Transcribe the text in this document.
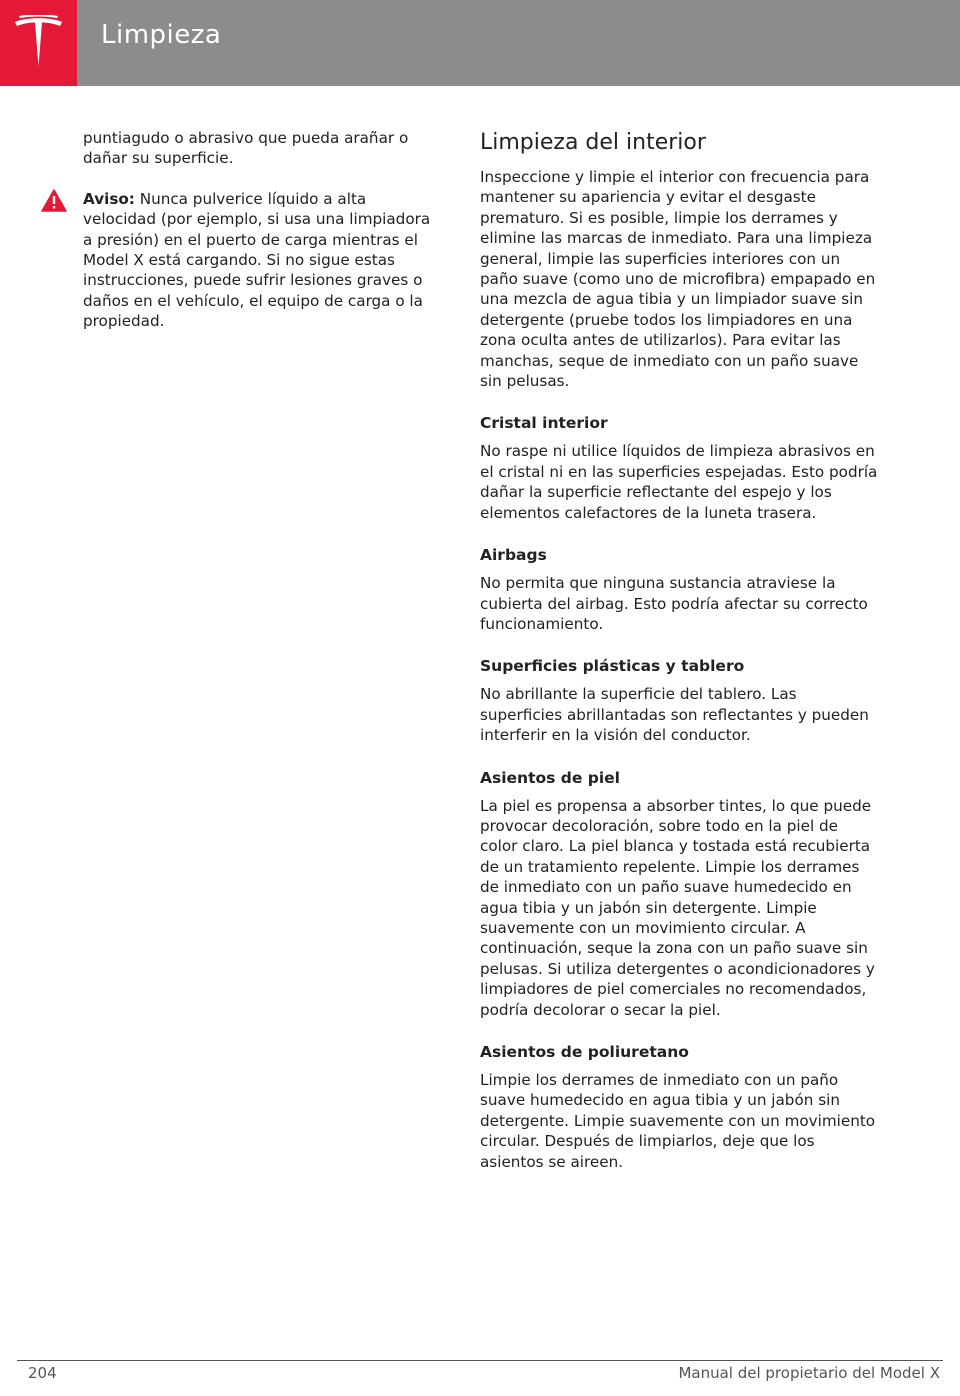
Limpieza

puntiagudo o abrasivo que pueda arañar o dañar su superficie.

Aviso: Nunca pulverice líquido a alta velocidad (por ejemplo, si usa una limpiadora a presión) en el puerto de carga mientras el Model X está cargando. Si no sigue estas instrucciones, puede sufrir lesiones graves o daños en el vehículo, el equipo de carga o la propiedad.

Limpieza del interior

Inspeccione y limpie el interior con frecuencia para mantener su apariencia y evitar el desgaste prematuro. Si es posible, limpie los derrames y elimine las marcas de inmediato. Para una limpieza general, limpie las superficies interiores con un paño suave (como uno de microfibra) empapado en una mezcla de agua tibia y un limpiador suave sin detergente (pruebe todos los limpiadores en una zona oculta antes de utilizarlos). Para evitar las manchas, seque de inmediato con un paño suave sin pelusas.

Cristal interior

No raspe ni utilice líquidos de limpieza abrasivos en el cristal ni en las superficies espejadas. Esto podría dañar la superficie reflectante del espejo y los elementos calefactores de la luneta trasera.

Airbags

No permita que ninguna sustancia atraviese la cubierta del airbag. Esto podría afectar su correcto funcionamiento.

Superficies plásticas y tablero

No abrillante la superficie del tablero. Las superficies abrillantadas son reflectantes y pueden interferir en la visión del conductor.

Asientos de piel

La piel es propensa a absorber tintes, lo que puede provocar decoloración, sobre todo en la piel de color claro. La piel blanca y tostada está recubierta de un tratamiento repelente. Limpie los derrames de inmediato con un paño suave humedecido en agua tibia y un jabón sin detergente. Limpie suavemente con un movimiento circular. A continuación, seque la zona con un paño suave sin pelusas. Si utiliza detergentes o acondicionadores y limpiadores de piel comerciales no recomendados, podría decolorar o secar la piel.

Asientos de poliuretano

Limpie los derrames de inmediato con un paño suave humedecido en agua tibia y un jabón sin detergente. Limpie suavemente con un movimiento circular. Después de limpiarlos, deje que los asientos se aireen.

204	Manual del propietario del Model X
